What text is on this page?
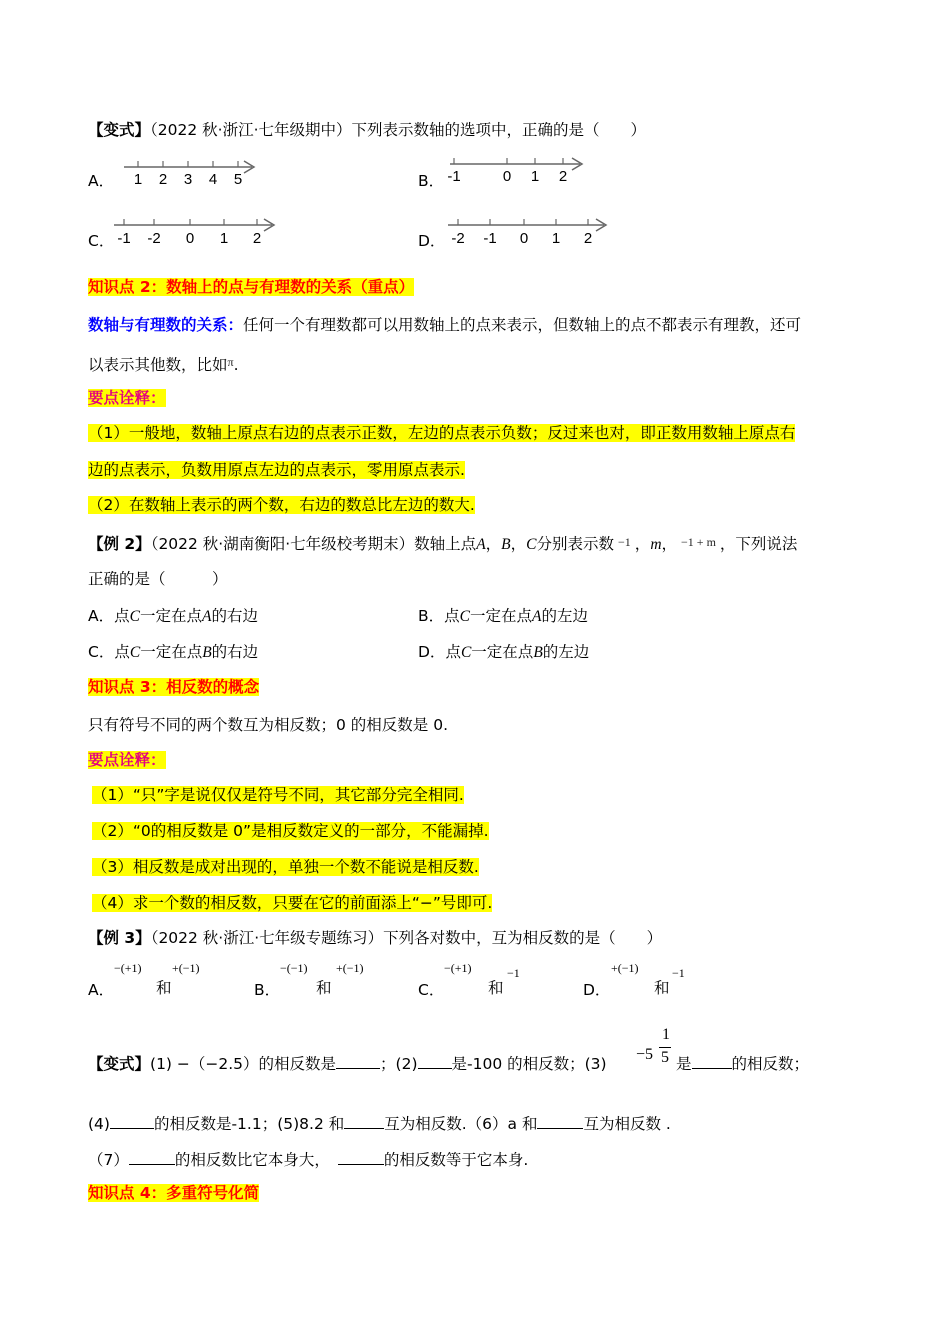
【变式】（2022 秋·浙江·七年级期中）下列表示数轴的选项中，正确的是（　　）
A． 1 2 3 4 5	B． -1	0 1 2
C． -1 -2 0 1 2	D． -2 -1 0 1 2
知识点 2：数轴上的点与有理数的关系（重点）
数轴与有理数的关系：任何一个有理数都可以用数轴上的点来表示，但数轴上的点不都表示有理教，还可
以表示其他数，比如$^\pi$.
要点诠释：
（1）一般地，数轴上原点右边的点表示正数，左边的点表示负数；反过来也对，即正数用数轴上原点右
边的点表示，负数用原点左边的点表示，零用原点表示.
（2）在数轴上表示的两个数，右边的数总比左边的数大.
【例 2】（2022 秋·湖南衡阳·七年级校考期末）数轴上点A，B，C分别表示数 −1 ，m， −1 + m ，下列说法
正确的是（　　　）
A．点C一定在点A的右边	B．点C一定在点A的左边
C．点C一定在点B的右边	D．点C一定在点B的左边
知识点 3：相反数的概念
只有符号不同的两个数互为相反数；0 的相反数是 0.
要点诠释：
（1）“只”字是说仅仅是符号不同，其它部分完全相同.
（2）“0的相反数是 0”是相反数定义的一部分，不能漏掉.
（3）相反数是成对出现的，单独一个数不能说是相反数.
（4）求一个数的相反数，只要在它的前面添上“−”号即可.
【例 3】（2022 秋·浙江·七年级专题练习）下列各对数中，互为相反数的是（　　）
A．
−(+1)
和
+(−1)
B．
−(−1)
和
+(−1)
C．
−(+1)
和
−1
D．
+(−1)
和
−1
【变式】(1) −（−2.5）的相反数是	；(2) 是-100 的相反数；(3)
−5
1
5 是	的相反数；
(4)	的相反数是-1.1；(5)8.2 和	互为相反数.（6）a 和	互为相反数 .
（7）	的相反数比它本身大，	的相反数等于它本身.
知识点 4：多重符号化简
